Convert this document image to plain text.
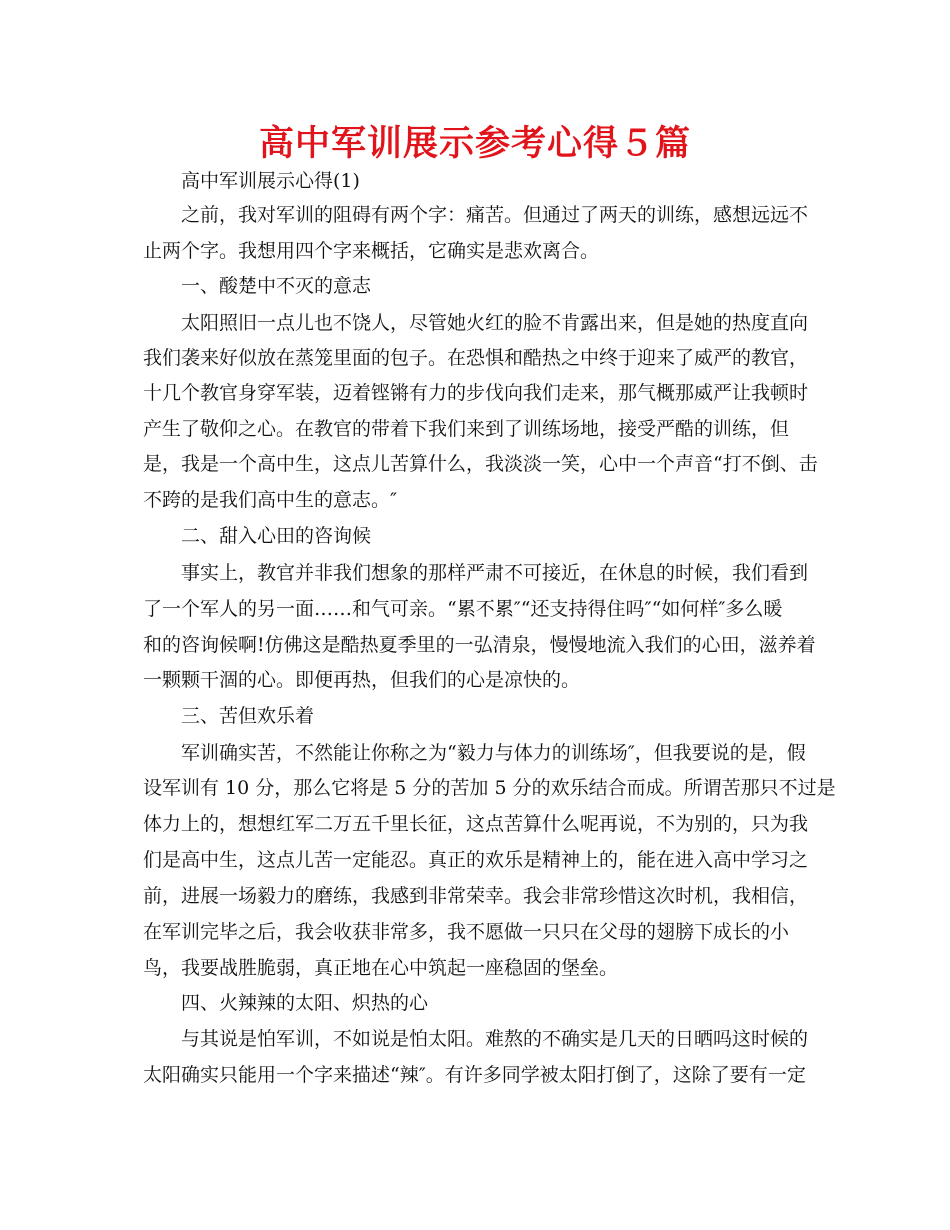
高中军训展示参考心得５篇

高中军训展示心得(1)

之前，我对军训的阻碍有两个字：痛苦。但通过了两天的训练，感想远远不

止两个字。我想用四个字来概括，它确实是悲欢离合。

一、酸楚中不灭的意志

太阳照旧一点儿也不饶人，尽管她火红的脸不肯露出来，但是她的热度直向

我们袭来好似放在蒸笼里面的包子。在恐惧和酷热之中终于迎来了威严的教官，

十几个教官身穿军装，迈着铿锵有力的步伐向我们走来，那气概那威严让我顿时

产生了敬仰之心。在教官的带着下我们来到了训练场地，接受严酷的训练，但

是，我是一个高中生，这点儿苦算什么，我淡淡一笑，心中一个声音“打不倒、击

不跨的是我们高中生的意志。″

二、甜入心田的咨询候

事实上，教官并非我们想象的那样严肃不可接近，在休息的时候，我们看到

了一个军人的另一面……和气可亲。“累不累″“还支持得住吗″“如何样″多么暖

和的咨询候啊!仿佛这是酷热夏季里的一弘清泉，慢慢地流入我们的心田，滋养着

一颗颗干涸的心。即便再热，但我们的心是凉快的。

三、苦但欢乐着

军训确实苦，不然能让你称之为“毅力与体力的训练场″，但我要说的是，假

设军训有 10 分，那么它将是 5 分的苦加 5 分的欢乐结合而成。所谓苦那只不过是

体力上的，想想红军二万五千里长征，这点苦算什么呢再说，不为别的，只为我

们是高中生，这点儿苦一定能忍。真正的欢乐是精神上的，能在进入高中学习之

前，进展一场毅力的磨练，我感到非常荣幸。我会非常珍惜这次时机，我相信，

在军训完毕之后，我会收获非常多，我不愿做一只只在父母的翅膀下成长的小

鸟，我要战胜脆弱，真正地在心中筑起一座稳固的堡垒。

四、火辣辣的太阳、炽热的心

与其说是怕军训，不如说是怕太阳。难熬的不确实是几天的日晒吗这时候的

太阳确实只能用一个字来描述“辣″。有许多同学被太阳打倒了，这除了要有一定
